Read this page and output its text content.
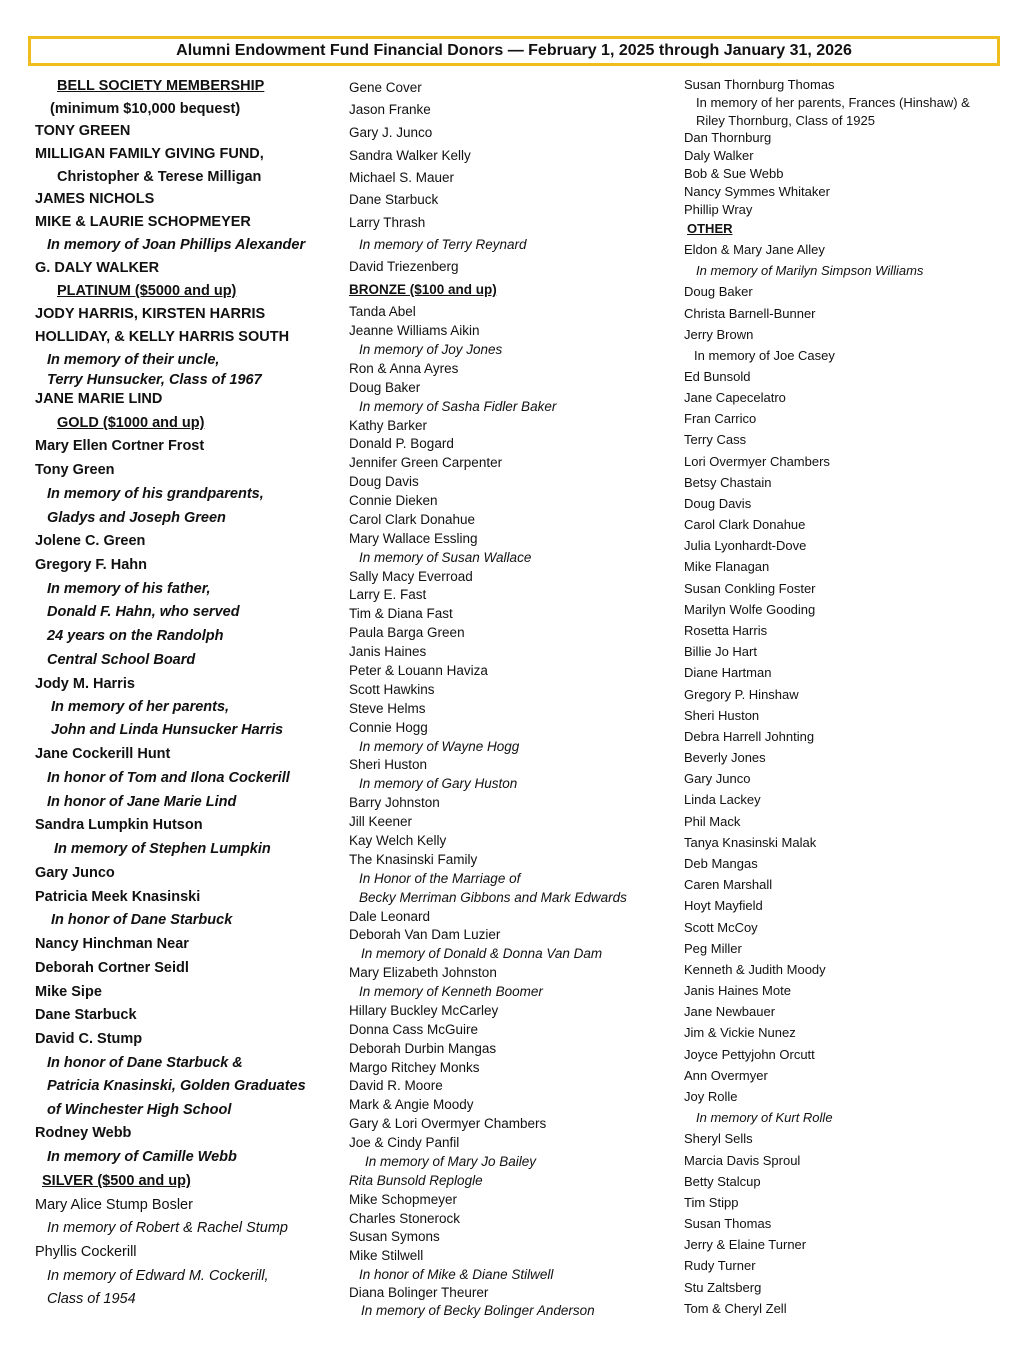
Alumni Endowment Fund Financial Donors — February 1, 2025 through January 31, 2026
BELL SOCIETY MEMBERSHIP
(minimum $10,000 bequest)
TONY GREEN
MILLIGAN FAMILY GIVING FUND,
Christopher & Terese Milligan
JAMES NICHOLS
MIKE & LAURIE SCHOPMEYER
In memory of Joan Phillips Alexander
G. DALY WALKER
PLATINUM ($5000 and up)
JODY HARRIS, KIRSTEN HARRIS
HOLLIDAY, & KELLY HARRIS SOUTH
In memory of their uncle,
Terry Hunsucker, Class of 1967
JANE MARIE LIND
GOLD ($1000 and up)
Mary Ellen Cortner Frost
Tony Green
In memory of his grandparents,
Gladys and Joseph Green
Jolene C. Green
Gregory F. Hahn
In memory of his father,
Donald F. Hahn, who served
24 years on the Randolph
Central School Board
Jody M. Harris
In memory of her parents,
John and Linda Hunsucker Harris
Jane Cockerill Hunt
In honor of Tom and Ilona Cockerill
In honor of Jane Marie Lind
Sandra Lumpkin Hutson
In memory of Stephen Lumpkin
Gary Junco
Patricia Meek Knasinski
In honor of Dane Starbuck
Nancy Hinchman Near
Deborah Cortner Seidl
Mike Sipe
Dane Starbuck
David C. Stump
In honor of Dane Starbuck &
Patricia Knasinski, Golden Graduates
of Winchester High School
Rodney Webb
In memory of Camille Webb
SILVER ($500 and up)
Mary Alice Stump Bosler
In memory of Robert & Rachel Stump
Phyllis Cockerill
In memory of Edward M. Cockerill,
Class of 1954
Gene Cover
Jason Franke
Gary J. Junco
Sandra Walker Kelly
Michael S. Mauer
Dane Starbuck
Larry Thrash
In memory of Terry Reynard
David Triezenberg
BRONZE ($100 and up)
Tanda Abel
Jeanne Williams Aikin
In memory of Joy Jones
Ron & Anna Ayres
Doug Baker
In memory of Sasha Fidler Baker
Kathy Barker
Donald P. Bogard
Jennifer Green Carpenter
Doug Davis
Connie Dieken
Carol Clark Donahue
Mary Wallace Essling
In memory of Susan Wallace
Sally Macy Everroad
Larry E. Fast
Tim & Diana Fast
Paula Barga Green
Janis Haines
Peter & Louann Haviza
Scott Hawkins
Steve Helms
Connie Hogg
In memory of Wayne Hogg
Sheri Huston
In memory of Gary Huston
Barry Johnston
Jill Keener
Kay Welch Kelly
The Knasinski Family
In Honor of the Marriage of
Becky Merriman Gibbons and Mark Edwards
Dale Leonard
Deborah Van Dam Luzier
In memory of Donald & Donna Van Dam
Mary Elizabeth Johnston
In memory of Kenneth Boomer
Hillary Buckley McCarley
Donna Cass McGuire
Deborah Durbin Mangas
Margo Ritchey Monks
David R. Moore
Mark & Angie Moody
Gary & Lori Overmyer Chambers
Joe & Cindy Panfil
In memory of Mary Jo Bailey
Rita Bunsold Replogle
Mike Schopmeyer
Charles Stonerock
Susan Symons
Mike Stilwell
In honor of Mike & Diane Stilwell
Diana Bolinger Theurer
In memory of Becky Bolinger Anderson
Susan Thornburg Thomas
In memory of her parents, Frances (Hinshaw) &
Riley Thornburg, Class of 1925
Dan Thornburg
Daly Walker
Bob & Sue Webb
Nancy Symmes Whitaker
Phillip Wray
OTHER
Eldon & Mary Jane Alley
In memory of Marilyn Simpson Williams
Doug Baker
Christa Barnell-Bunner
Jerry Brown
In memory of Joe Casey
Ed Bunsold
Jane Capecelatro
Fran Carrico
Terry Cass
Lori Overmyer Chambers
Betsy Chastain
Doug Davis
Carol Clark Donahue
Julia Lyonhardt-Dove
Mike Flanagan
Susan Conkling Foster
Marilyn Wolfe Gooding
Rosetta Harris
Billie Jo Hart
Diane Hartman
Gregory P. Hinshaw
Sheri Huston
Debra Harrell Johnting
Beverly Jones
Gary Junco
Linda Lackey
Phil Mack
Tanya Knasinski Malak
Deb Mangas
Caren Marshall
Hoyt Mayfield
Scott McCoy
Peg Miller
Kenneth & Judith Moody
Janis Haines Mote
Jane Newbauer
Jim & Vickie Nunez
Joyce Pettyjohn Orcutt
Ann Overmyer
Joy Rolle
In memory of Kurt Rolle
Sheryl Sells
Marcia Davis Sproul
Betty Stalcup
Tim Stipp
Susan Thomas
Jerry & Elaine Turner
Rudy Turner
Stu Zaltsberg
Tom & Cheryl Zell
